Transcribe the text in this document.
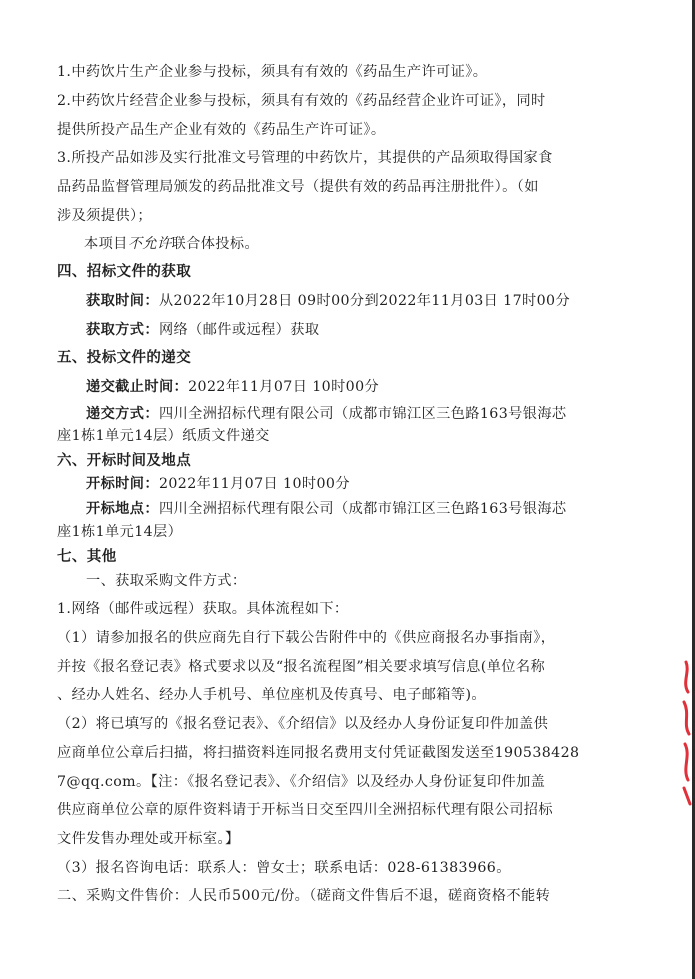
1.中药饮片生产企业参与投标，须具有有效的《药品生产许可证》。
2.中药饮片经营企业参与投标，须具有有效的《药品经营企业许可证》，同时
提供所投产品生产企业有效的《药品生产许可证》。
3.所投产品如涉及实行批准文号管理的中药饮片，其提供的产品须取得国家食
品药品监督管理局颁发的药品批准文号（提供有效的药品再注册批件）。（如
涉及须提供）；
本项目不允许联合体投标。
四、招标文件的获取
获取时间：从2022年10月28日 09时00分到2022年11月03日 17时00分
获取方式：网络（邮件或远程）获取
五、投标文件的递交
递交截止时间：2022年11月07日 10时00分
递交方式：四川全洲招标代理有限公司（成都市锦江区三色路163号银海芯
座1栋1单元14层）纸质文件递交
六、开标时间及地点
开标时间：2022年11月07日 10时00分
开标地点：四川全洲招标代理有限公司（成都市锦江区三色路163号银海芯
座1栋1单元14层）
七、其他
一、获取采购文件方式：
1.网络（邮件或远程）获取。具体流程如下：
（1）请参加报名的供应商先自行下载公告附件中的《供应商报名办事指南》，
并按《报名登记表》格式要求以及“报名流程图”相关要求填写信息(单位名称
、经办人姓名、经办人手机号、单位座机及传真号、电子邮箱等)。
（2）将已填写的《报名登记表》、《介绍信》以及经办人身份证复印件加盖供
应商单位公章后扫描，将扫描资料连同报名费用支付凭证截图发送至190538428
7@qq.com。【注：《报名登记表》、《介绍信》以及经办人身份证复印件加盖
供应商单位公章的原件资料请于开标当日交至四川全洲招标代理有限公司招标
文件发售办理处或开标室。】
（3）报名咨询电话：联系人：曾女士；联系电话：028-61383966。
二、采购文件售价：人民币500元/份。（磋商文件售后不退，磋商资格不能转
